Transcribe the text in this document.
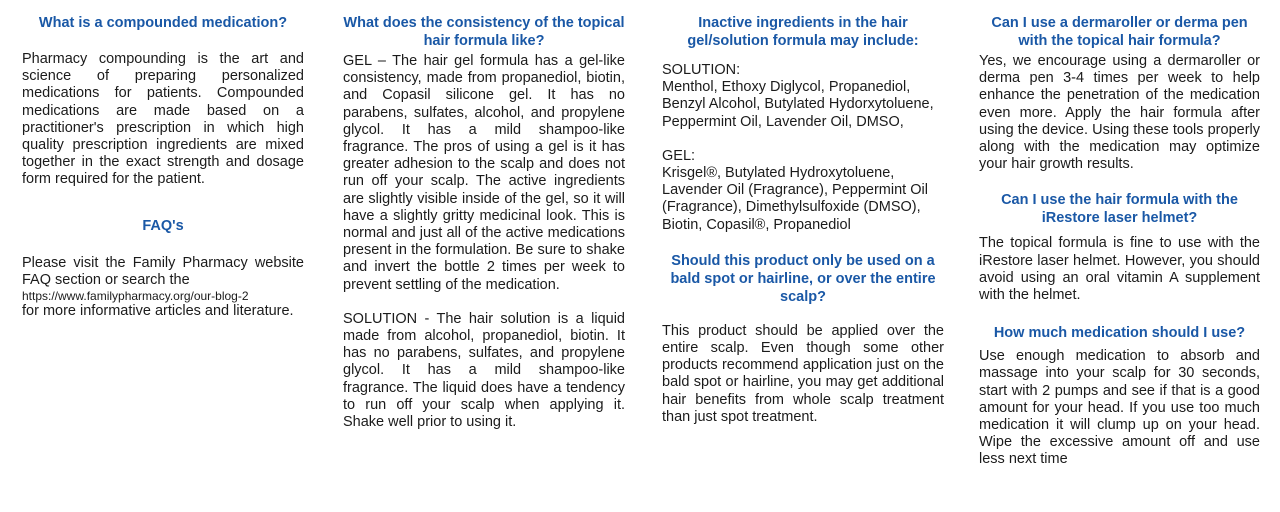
What is a compounded medication?

Pharmacy compounding is the art and science of preparing personalized medications for patients. Compounded medications are made based on a practitioner's prescription in which high quality prescription ingredients are mixed together in the exact strength and dosage form required for the patient.

FAQ's

Please visit the Family Pharmacy website FAQ section or search the

https://www.familypharmacy.org/our-blog-2

for more informative articles and literature.

What does the consistency of the topical hair formula like?

GEL – The hair gel formula has a gel-like consistency, made from propanediol, biotin, and Copasil silicone gel. It has no parabens, sulfates, alcohol, and propylene glycol. It has a mild shampoo-like fragrance. The pros of using a gel is it has greater adhesion to the scalp and does not run off your scalp. The active ingredients are slightly visible inside of the gel, so it will have a slightly gritty medicinal look. This is normal and just all of the active medications present in the formulation. Be sure to shake and invert the bottle 2 times per week to prevent settling of the medication.

SOLUTION - The hair solution is a liquid made from alcohol, propanediol, biotin. It has no parabens, sulfates, and propylene glycol. It has a mild shampoo-like fragrance. The liquid does have a tendency to run off your scalp when applying it. Shake well prior to using it.

Inactive ingredients in the hair gel/solution formula may include:

SOLUTION:

Menthol, Ethoxy Diglycol, Propanediol, Benzyl Alcohol, Butylated Hydorxytoluene, Peppermint Oil, Lavender Oil, DMSO,

GEL:

Krisgel®, Butylated Hydroxytoluene, Lavender Oil (Fragrance), Peppermint Oil (Fragrance), Dimethylsulfoxide (DMSO), Biotin, Copasil®, Propanediol

Should this product only be used on a bald spot or hairline, or over the entire scalp?

This product should be applied over the entire scalp. Even though some other products recommend application just on the bald spot or hairline, you may get additional hair benefits from whole scalp treatment than just spot treatment.

Can I use a dermaroller or derma pen with the topical hair formula?

Yes, we encourage using a dermaroller or derma pen 3-4 times per week to help enhance the penetration of the medication even more. Apply the hair formula after using the device. Using these tools properly along with the medication may optimize your hair growth results.

Can I use the hair formula with the iRestore laser helmet?

The topical formula is fine to use with the iRestore laser helmet. However, you should avoid using an oral vitamin A supplement with the helmet.

How much medication should I use?

Use enough medication to absorb and massage into your scalp for 30 seconds, start with 2 pumps and see if that is a good amount for your head. If you use too much medication it will clump up on your head. Wipe the excessive amount off and use less next time
